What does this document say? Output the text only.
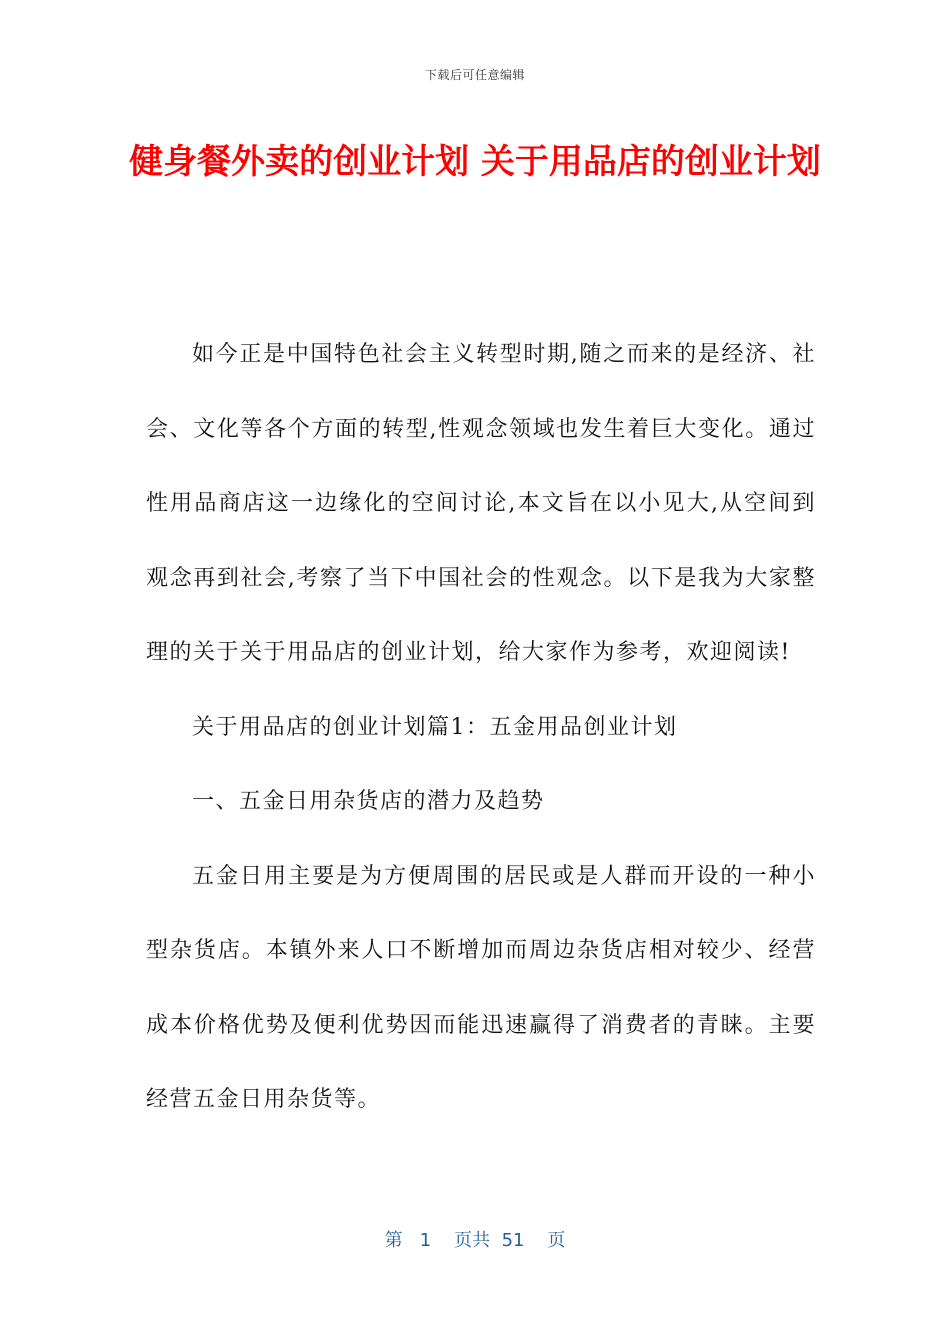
下载后可任意编辑
健身餐外卖的创业计划 关于用品店的创业计划

如今正是中国特色社会主义转型时期,随之而来的是经济、社会、文化等各个方面的转型,性观念领域也发生着巨大变化。通过性用品商店这一边缘化的空间讨论,本文旨在以小见大,从空间到观念再到社会,考察了当下中国社会的性观念。以下是我为大家整理的关于关于用品店的创业计划，给大家作为参考，欢迎阅读!

关于用品店的创业计划篇1：五金用品创业计划

一、五金日用杂货店的潜力及趋势

五金日用主要是为方便周围的居民或是人群而开设的一种小型杂货店。本镇外来人口不断增加而周边杂货店相对较少、经营成本价格优势及便利优势因而能迅速赢得了消费者的青睐。主要经营五金日用杂货等。

第 1 页共 51 页
